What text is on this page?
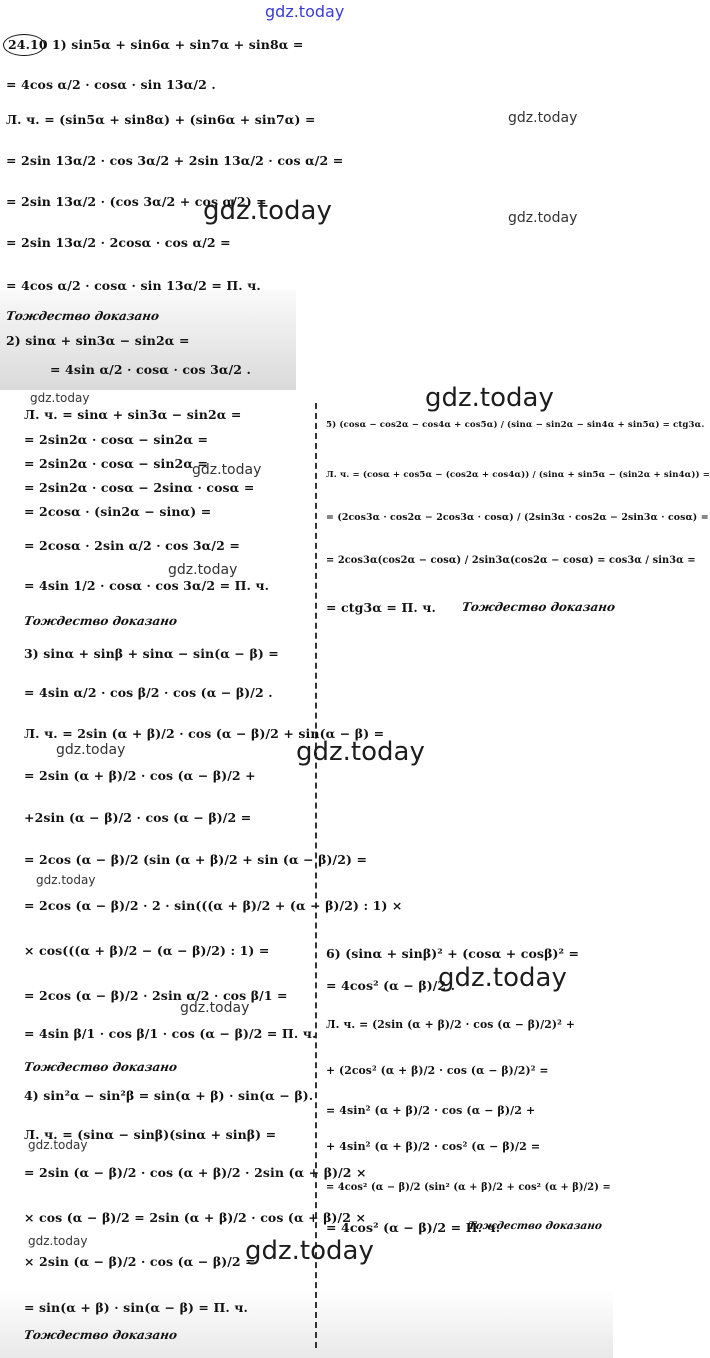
gdz.today
24.10 1) sin5α + sin6α + sin7α + sin8α =
= 4cos α/2 · cosα · sin 13α/2 .
Л. ч. = (sin5α + sin8α) + (sin6α + sin7α) =	gdz.today
= 2sin 13α/2 · cos 3α/2 + 2sin 13α/2 · cos α/2 =
= 2sin 13α/2 · (cos 3α/2 + cos α/2) =
gdz.today	gdz.today
= 2sin 13α/2 · 2cosα · cos α/2 =
= 4cos α/2 · cosα · sin 13α/2 = П. ч.
Тождество доказано
2) sinα + sin3α − sin2α =
= 4sin α/2 · cosα · cos 3α/2 .
gdz.today	gdz.today
Л. ч. = sinα + sin3α − sin2α =
= 2sin2α · cosα − sin2α =
= 2sin2α · cosα − sin2α =
gdz.today
= 2sin2α · cosα − 2sinα · cosα =
= 2cosα · (sin2α − sinα) =
= 2cosα · 2sin α/2 · cos 3α/2 =
gdz.today
= 4sin 1/2 · cosα · cos 3α/2 = П. ч.
Тождество доказано
3) sinα + sinβ + sinα − sin(α − β) =
= 4sin α/2 · cos β/2 · cos (α − β)/2 .
Л. ч. = 2sin (α + β)/2 · cos (α − β)/2 + sin(α − β) =
gdz.today
gdz.today
= 2sin (α + β)/2 · cos (α − β)/2 +
+2sin (α − β)/2 · cos (α − β)/2 =
= 2cos (α − β)/2 (sin (α + β)/2 + sin (α − β)/2) =
gdz.today
= 2cos (α − β)/2 · 2 · sin(((α + β)/2 + (α − β)/2) : 1) ×
× cos(((α + β)/2 − (α − β)/2) : 1) =
= 2cos (α − β)/2 · 2sin α/2 · cos β/1 =
gdz.today
= 4sin β/1 · cos β/1 · cos (α − β)/2 = П. ч.
Тождество доказано
4) sin²α − sin²β = sin(α + β) · sin(α − β).
Л. ч. = (sinα − sinβ)(sinα + sinβ) =
gdz.today
= 2sin (α − β)/2 · cos (α + β)/2 · 2sin (α + β)/2 ×
× cos (α − β)/2 = 2sin (α + β)/2 · cos (α + β)/2 ×
gdz.today
× 2sin (α − β)/2 · cos (α − β)/2 =
gdz.today
= sin(α + β) · sin(α − β) = П. ч.
Тождество доказано
5) (cosα − cos2α − cos4α + cos5α) / (sinα − sin2α − sin4α + sin5α) = ctg3α.
Л. ч. = (cosα + cos5α − (cos2α + cos4α)) / (sinα + sin5α − (sin2α + sin4α)) =
= (2cos3α · cos2α − 2cos3α · cosα) / (2sin3α · cos2α − 2sin3α · cosα) =
= 2cos3α(cos2α − cosα) / 2sin3α(cos2α − cosα) = cos3α / sin3α =
= ctg3α = П. ч. Тождество доказано
6) (sinα + sinβ)² + (cosα + cosβ)² =
= 4cos² (α − β)/2 .
gdz.today
Л. ч. = (2sin (α + β)/2 · cos (α − β)/2)² +
+ (2cos² (α + β)/2 · cos (α − β)/2)² =
= 4sin² (α + β)/2 · cos (α − β)/2 +
+ 4sin² (α + β)/2 · cos² (α − β)/2 =
= 4cos² (α − β)/2 (sin² (α + β)/2 + cos² (α + β)/2) =
= 4cos² (α − β)/2 = П. ч.
Тождество доказано
